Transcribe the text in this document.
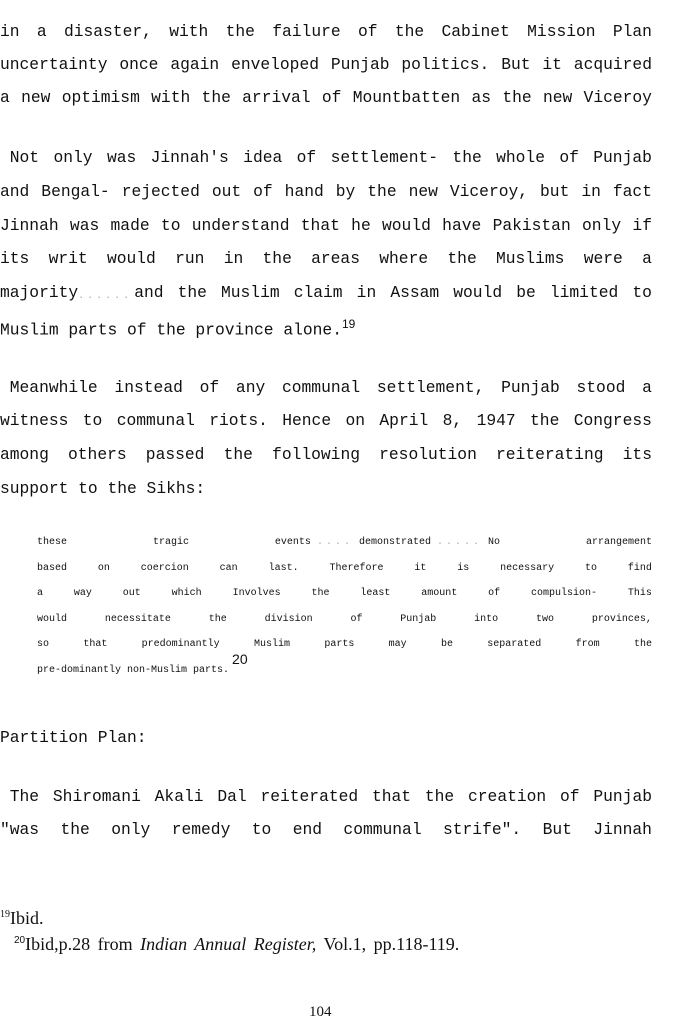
in a disaster, with the failure of the Cabinet Mission Plan
uncertainty once again enveloped Punjab politics. But it acquired
a new optimism with the arrival of Mountbatten as the new Viceroy
Not only was Jinnah's idea of settlement- the whole of Punjab
and Bengal- rejected out of hand by the new Viceroy, but in fact
Jinnah was made to understand that he would have Pakistan only if
its writ would run in the areas where the Muslims were a
majority ...... and the Muslim claim in Assam would be limited to
Muslim parts of the province alone.$^{19}$
Meanwhile instead of any communal settlement, Punjab stood a
witness to communal riots. Hence on April 8, 1947 the Congress
among others passed the following resolution reiterating its
support to the Sikhs:
these	tragic	events .... demonstrated ..... No	arrangement
based	on	coercion	can	last.	Therefore	it	is	necessary	to	find
a	way	out	which	Involves	the	least	amount	of	compulsion-	This
would	necessitate	the	division	of	Punjab	into	two	provinces,
so	that	predominantly	Muslim	parts	may	be	separated	from	the
pre-dominantly non-Muslim parts.
20
Partition Plan:
The Shiromani Akali Dal reiterated that the creation of Punjab
"was the only remedy to end communal strife". But Jinnah
$^{19}$Ibid.
$^{20}$Ibid,p.28 from Indian Annual Register, Vol.1, pp.118-119.
104
